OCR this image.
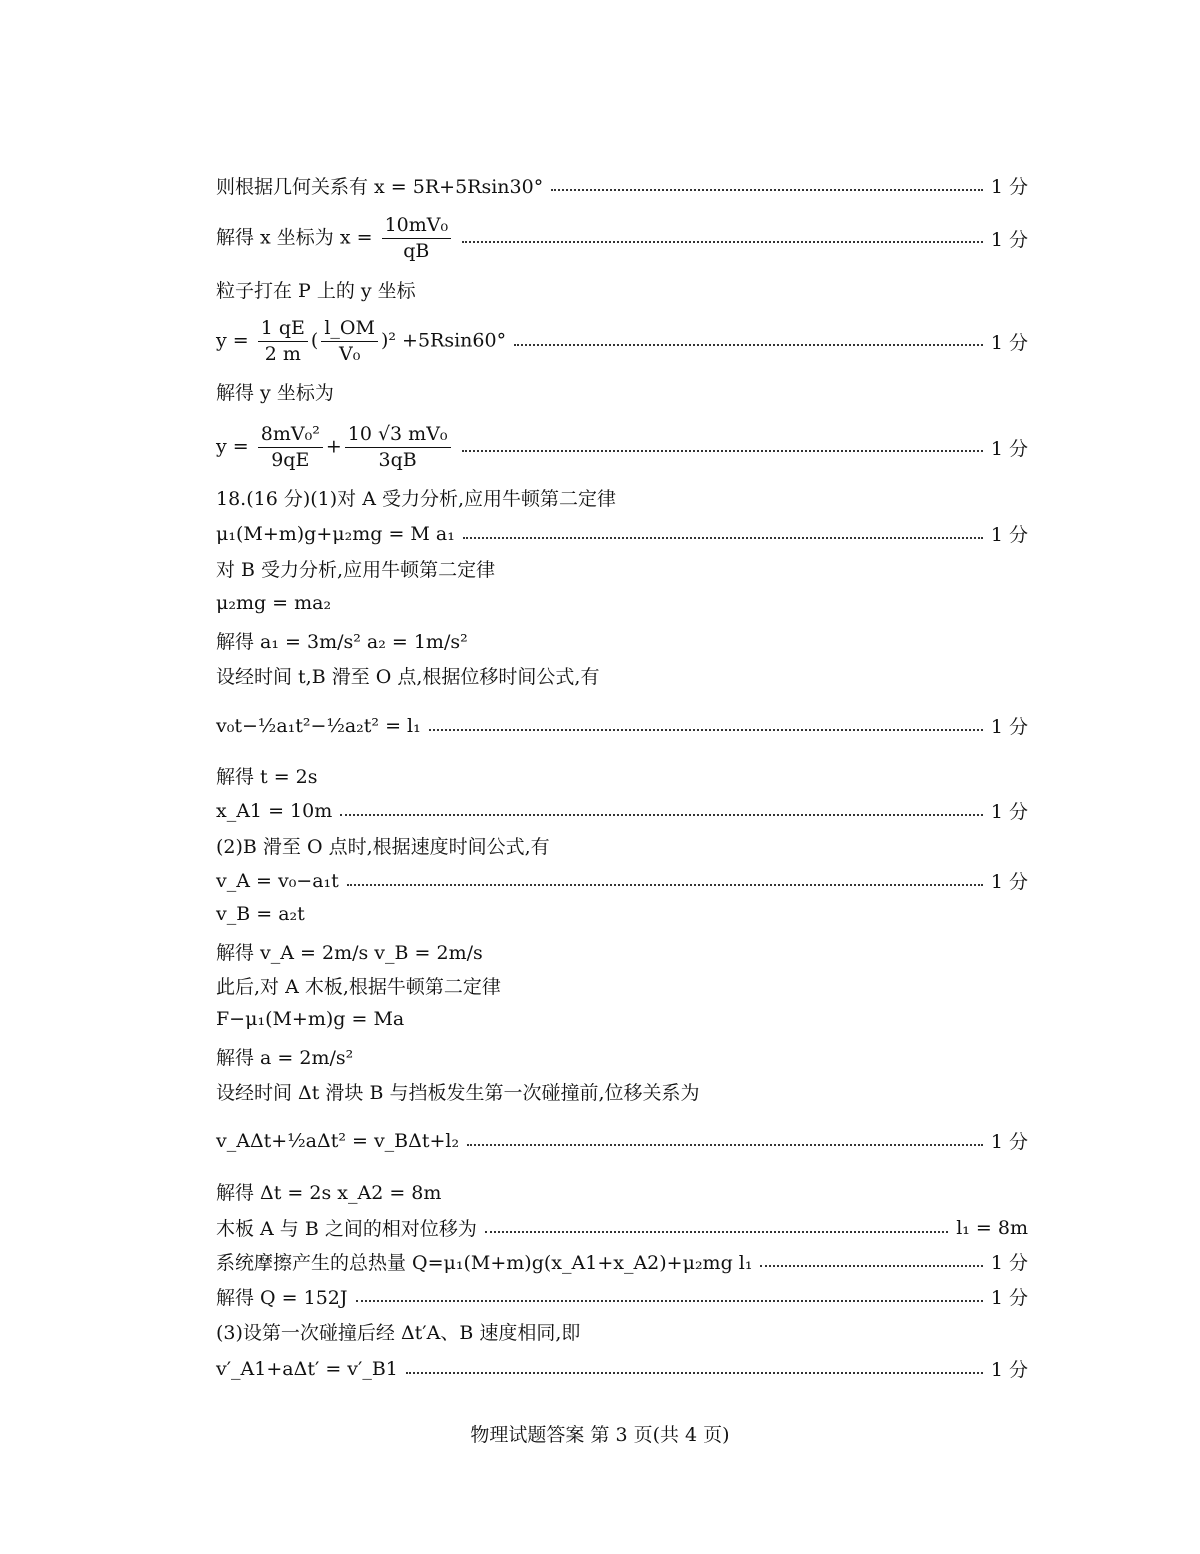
则根据几何关系有 x = 5R+5Rsin30°	1 分
解得 x 坐标为 $x = \frac{\text{10mV₀}}{qB}$	1 分
粒子打在 P 上的 y 坐标
$y = \frac{1 qE}{2 m}$ ( $\frac{l\_OM}{\text{V₀}} )^2 +5Rsin60^\circ$	1 分
解得 y 坐标为
$y = \frac{\text{8mV₀²}}{9qE} + \frac{\text{10 √3 mV₀}}{3qB}$	1 分
18.(16 分)(1)对 A 受力分析,应用牛顿第二定律
μ₁(M+m)g+μ₂mg = M a₁	1 分
对 B 受力分析,应用牛顿第二定律
μ₂mg = ma₂
解得 a₁ = 3m/s² a₂ = 1m/s²
设经时间 t,B 滑至 O 点,根据位移时间公式,有
v₀t−½a₁t²−½a₂t² = l₁	1 分
解得 t = 2s
x_A1 = 10m	1 分
(2)B 滑至 O 点时,根据速度时间公式,有
v_A = v₀−a₁t	1 分
v_B = a₂t
解得 v_A = 2m/s v_B = 2m/s
此后,对 A 木板,根据牛顿第二定律
F−μ₁(M+m)g = Ma
解得 a = 2m/s²
设经时间 Δt 滑块 B 与挡板发生第一次碰撞前,位移关系为
v_AΔt+½aΔt² = v_BΔt+l₂	1 分
解得 Δt = 2s x_A2 = 8m
木板 A 与 B 之间的相对位移为	l₁ = 8m
系统摩擦产生的总热量 Q=μ₁(M+m)g(x_A1+x_A2)+μ₂mg l₁	1 分
解得 Q = 152J	1 分
(3)设第一次碰撞后经 Δt′A、B 速度相同,即
v′_A1+aΔt′ = v′_B1	1 分
物理试题答案 第 3 页(共 4 页)
